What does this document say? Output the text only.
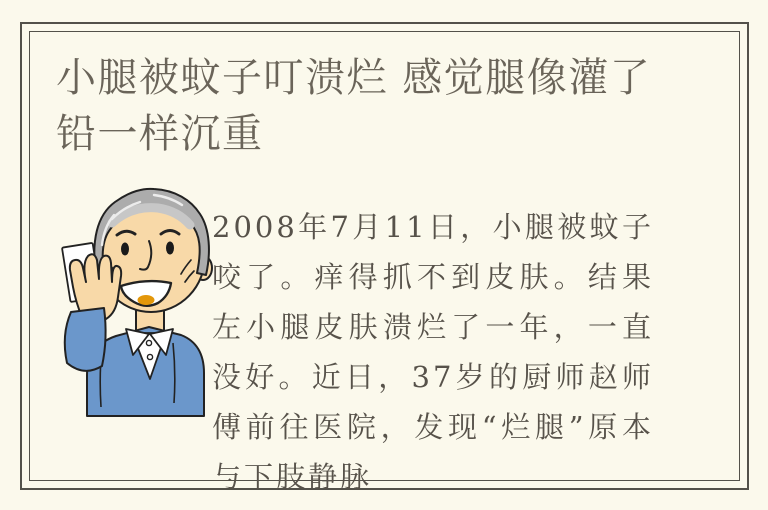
小腿被蚊子叮溃烂 感觉腿像灌了铅一样沉重

2008年7月11日，小腿被蚊子咬了。痒得抓不到皮肤。结果左小腿皮肤溃烂了一年，一直没好。近日，37岁的厨师赵师傅前往医院，发现“烂腿”原本与下肢静脉
